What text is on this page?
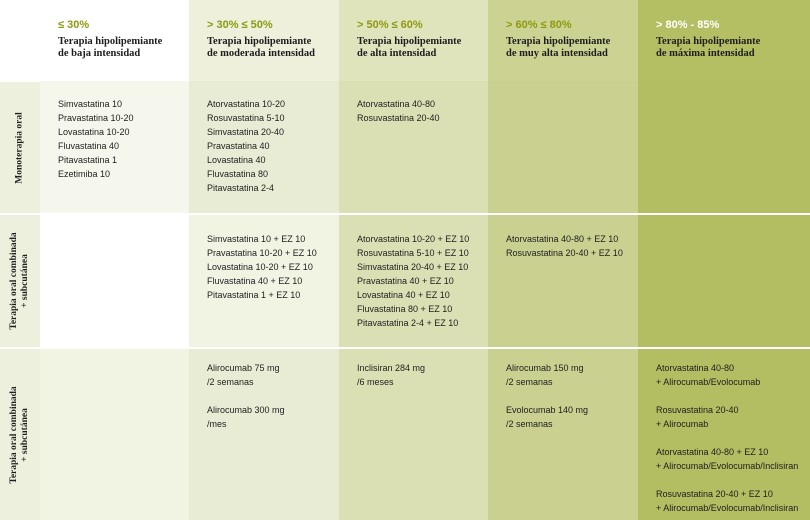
≤ 30%
Terapia hipolipemiante
de baja intensidad
> 30% ≤ 50%
Terapia hipolipemiante
de moderada intensidad
> 50% ≤ 60%
Terapia hipolipemiante
de alta intensidad
> 60% ≤ 80%
Terapia hipolipemiante
de muy alta intensidad
> 80% - 85%
Terapia hipolipemiante
de máxima intensidad
Monoterapia oral
Simvastatina 10
Pravastatina 10-20
Lovastatina 10-20
Fluvastatina 40
Pitavastatina 1
Ezetimiba 10
Atorvastatina 10-20
Rosuvastatina 5-10
Simvastatina 20-40
Pravastatina 40
Lovastatina 40
Fluvastatina 80
Pitavastatina 2-4
Atorvastatina 40-80
Rosuvastatina 20-40
Terapia oral combinada + subcutánea
Simvastatina 10 + EZ 10
Pravastatina 10-20 + EZ 10
Lovastatina 10-20 + EZ 10
Fluvastatina 40 + EZ 10
Pitavastatina 1 + EZ 10
Atorvastatina 10-20 + EZ 10
Rosuvastatina 5-10 + EZ 10
Simvastatina 20-40 + EZ 10
Pravastatina 40 + EZ 10
Lovastatina 40 + EZ 10
Fluvastatina 80 + EZ 10
Pitavastatina 2-4 + EZ 10
Atorvastatina 40-80 + EZ 10
Rosuvastatina 20-40 + EZ 10
Terapia oral combinada + subcutánea
Alirocumab 75 mg
/2 semanas
Alirocumab 300 mg
/mes
Inclisiran 284 mg
/6 meses
Alirocumab 150 mg
/2 semanas
Evolocumab 140 mg
/2 semanas
Atorvastatina 40-80
+ Alirocumab/Evolocumab
Rosuvastatina 20-40
+ Alirocumab
Atorvastatina 40-80 + EZ 10
+ Alirocumab/Evolocumab/Inclisiran
Rosuvastatina 20-40 + EZ 10
+ Alirocumab/Evolocumab/Inclisiran
